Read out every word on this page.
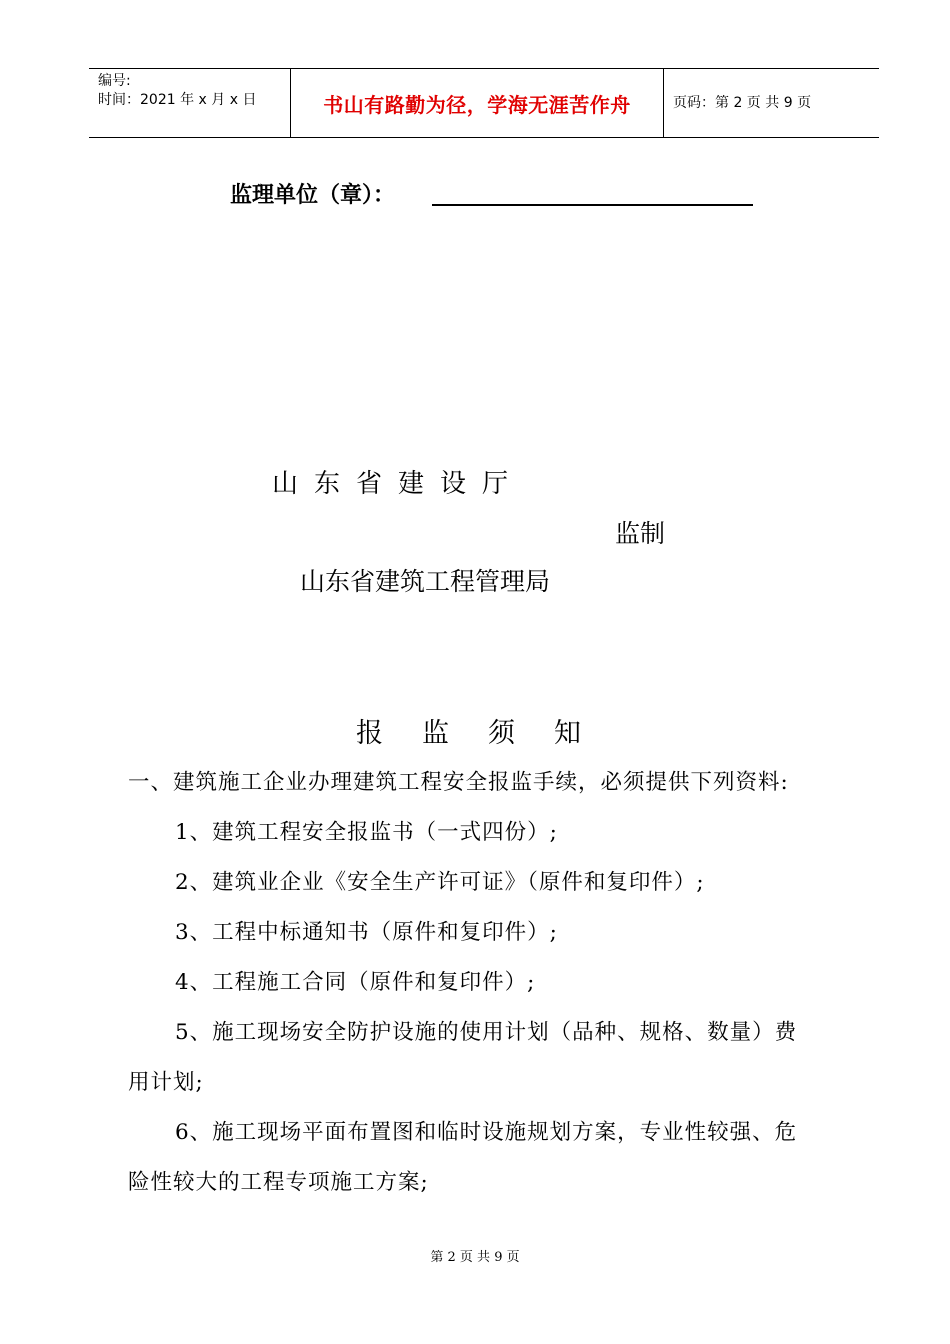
编号:
时间：2021 年 x 月 x 日	书山有路勤为径，学海无涯苦作舟	页码：第 2 页 共 9 页
监理单位（章）：
山东省建设厅
监制
山东省建筑工程管理局
报监须知
一、建筑施工企业办理建筑工程安全报监手续，必须提供下列资料:
1、建筑工程安全报监书（一式四份）;
2、建筑业企业《安全生产许可证》（原件和复印件）;
3、工程中标通知书（原件和复印件）;
4、工程施工合同（原件和复印件）;
5、施工现场安全防护设施的使用计划（品种、规格、数量）费
用计划;
6、施工现场平面布置图和临时设施规划方案，专业性较强、危
险性较大的工程专项施工方案;
第 2 页 共 9 页
